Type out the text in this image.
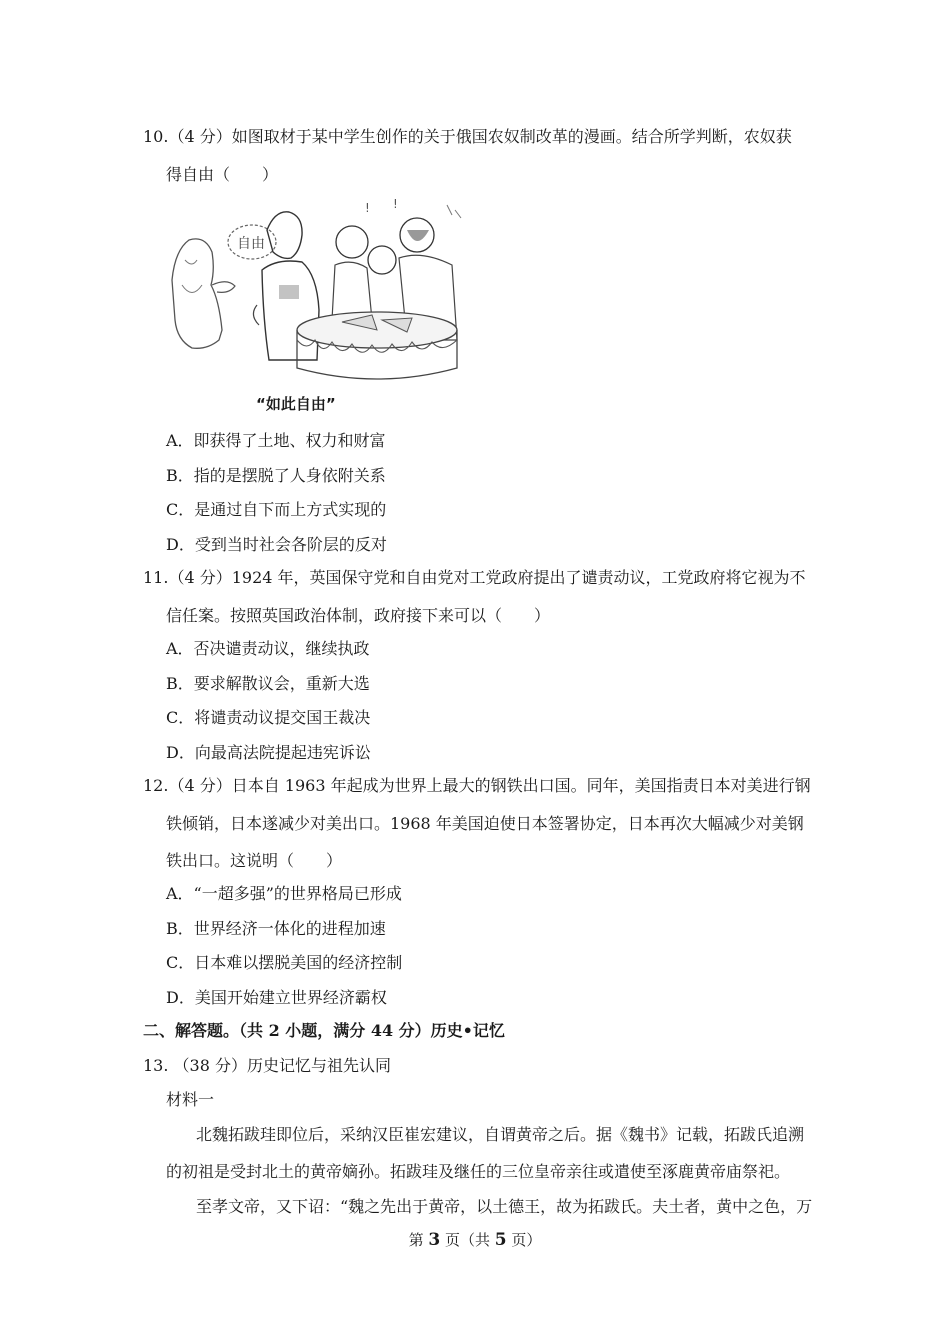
10.（4 分）如图取材于某中学生创作的关于俄国农奴制改革的漫画。结合所学判断，农奴获
得自由（　　）
自由
! !
“如此自由”
A．即获得了土地、权力和财富
B．指的是摆脱了人身依附关系
C．是通过自下而上方式实现的
D．受到当时社会各阶层的反对
11.（4 分）1924 年，英国保守党和自由党对工党政府提出了谴责动议，工党政府将它视为不
信任案。按照英国政治体制，政府接下来可以（　　）
A．否决谴责动议，继续执政
B．要求解散议会，重新大选
C．将谴责动议提交国王裁决
D．向最高法院提起违宪诉讼
12.（4 分）日本自 1963 年起成为世界上最大的钢铁出口国。同年，美国指责日本对美进行钢
铁倾销，日本遂减少对美出口。1968 年美国迫使日本签署协定，日本再次大幅减少对美钢
铁出口。这说明（　　）
A．“一超多强”的世界格局已形成
B．世界经济一体化的进程加速
C．日本难以摆脱美国的经济控制
D．美国开始建立世界经济霸权
二、解答题。（共 2 小题，满分 44 分）历史•记忆
13. （38 分）历史记忆与祖先认同
材料一
北魏拓跋珪即位后，采纳汉臣崔宏建议，自谓黄帝之后。据《魏书》记载，拓跋氏追溯
的初祖是受封北土的黄帝嫡孙。拓跋珪及继任的三位皇帝亲往或遣使至涿鹿黄帝庙祭祀。
至孝文帝，又下诏：“魏之先出于黄帝，以土德王，故为拓跋氏。夫土者，黄中之色，万
第 3 页（共 5 页）
